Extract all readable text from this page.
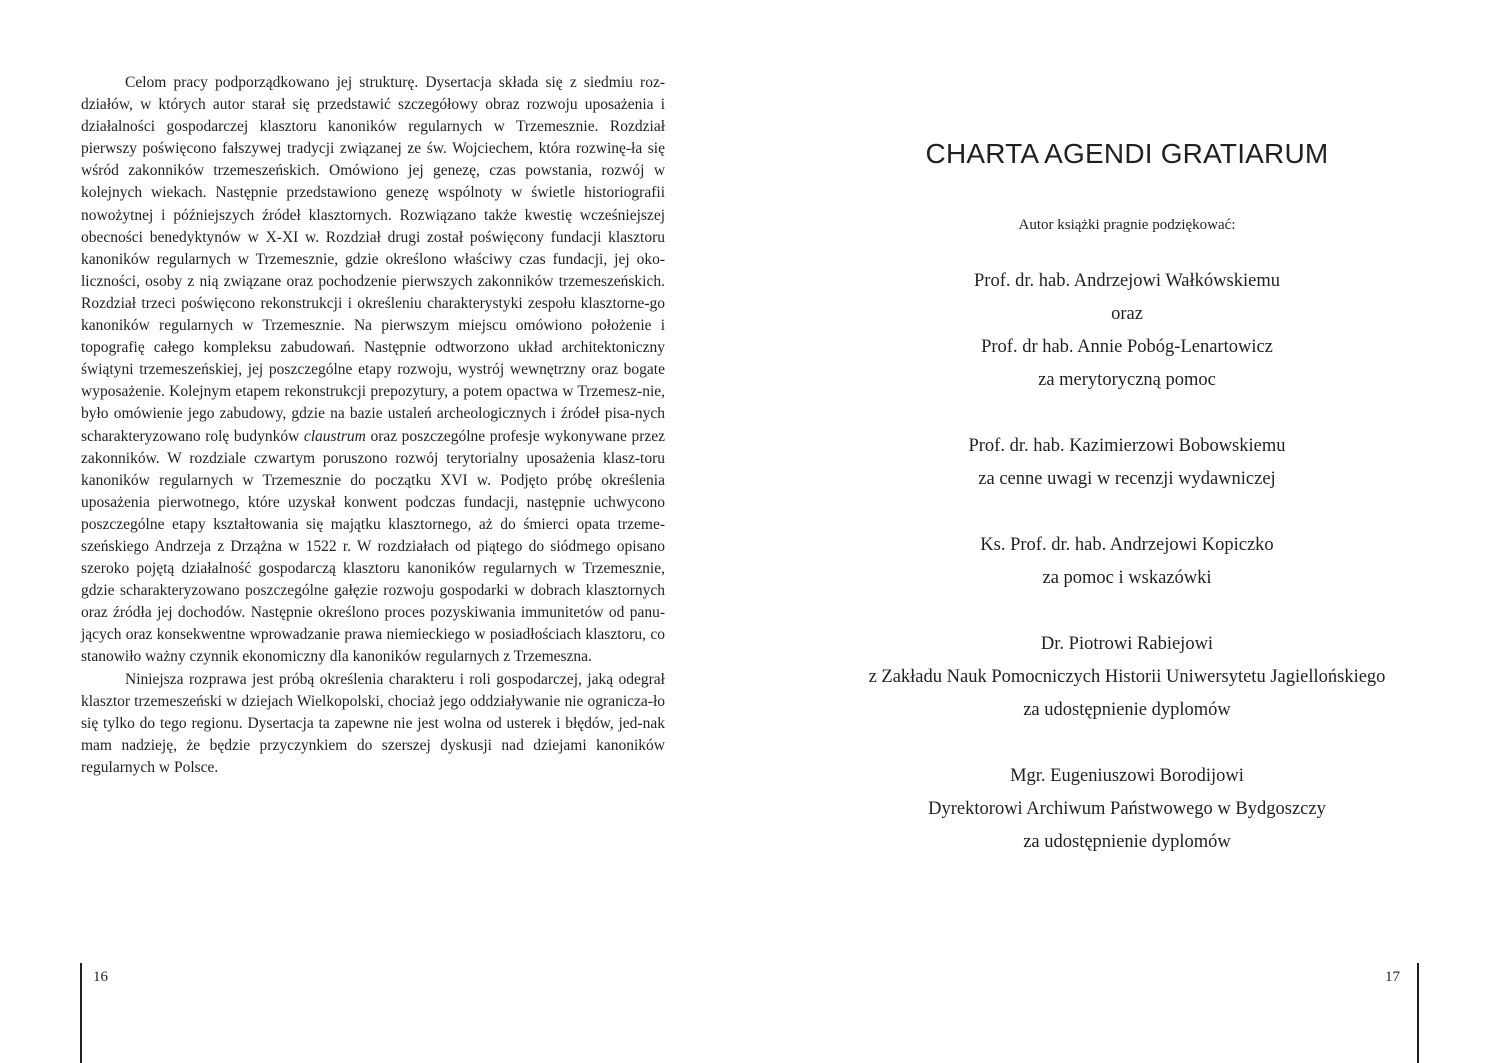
Celom pracy podporządkowano jej strukturę. Dysertacja składa się z siedmiu roz-działów, w których autor starał się przedstawić szczegółowy obraz rozwoju uposażenia i działalności gospodarczej klasztoru kanoników regularnych w Trzemesznie. Rozdział pierwszy poświęcono fałszywej tradycji związanej ze św. Wojciechem, która rozwinę-ła się wśród zakonników trzemeszeńskich. Omówiono jej genezę, czas powstania, rozwój w kolejnych wiekach. Następnie przedstawiono genezę wspólnoty w świetle historiografii nowożytnej i późniejszych źródeł klasztornych. Rozwiązano także kwestię wcześniejszej obecności benedyktynów w X-XI w. Rozdział drugi został poświęcony fundacji klasztoru kanoników regularnych w Trzemesznie, gdzie określono właściwy czas fundacji, jej oko-liczności, osoby z nią związane oraz pochodzenie pierwszych zakonników trzemeszeńskich. Rozdział trzeci poświęcono rekonstrukcji i określeniu charakterystyki zespołu klasztorne-go kanoników regularnych w Trzemesznie. Na pierwszym miejscu omówiono położenie i topografię całego kompleksu zabudowań. Następnie odtworzono układ architektoniczny świątyni trzemeszeńskiej, jej poszczególne etapy rozwoju, wystrój wewnętrzny oraz bogate wyposażenie. Kolejnym etapem rekonstrukcji prepozytury, a potem opactwa w Trzemesz-nie, było omówienie jego zabudowy, gdzie na bazie ustaleń archeologicznych i źródeł pisa-nych scharakteryzowano rolę budynków claustrum oraz poszczególne profesje wykonywane przez zakonników. W rozdziale czwartym poruszono rozwój terytorialny uposażenia klasz-toru kanoników regularnych w Trzemesznie do początku XVI w. Podjęto próbę określenia uposażenia pierwotnego, które uzyskał konwent podczas fundacji, następnie uchwycono poszczególne etapy kształtowania się majątku klasztornego, aż do śmierci opata trzeme-szeńskiego Andrzeja z Drzążna w 1522 r. W rozdziałach od piątego do siódmego opisano szeroko pojętą działalność gospodarczą klasztoru kanoników regularnych w Trzemesznie, gdzie scharakteryzowano poszczególne gałęzie rozwoju gospodarki w dobrach klasztornych oraz źródła jej dochodów. Następnie określono proces pozyskiwania immunitetów od panu-jących oraz konsekwentne wprowadzanie prawa niemieckiego w posiadłościach klasztoru, co stanowiło ważny czynnik ekonomiczny dla kanoników regularnych z Trzemeszna.

Niniejsza rozprawa jest próbą określenia charakteru i roli gospodarczej, jaką odegrał klasztor trzemeszeński w dziejach Wielkopolski, chociaż jego oddziaływanie nie ogranicza-ło się tylko do tego regionu. Dysertacja ta zapewne nie jest wolna od usterek i błędów, jed-nak mam nadzieję, że będzie przyczynkiem do szerszej dyskusji nad dziejami kanoników regularnych w Polsce.

16
CHARTA AGENDI GRATIARUM
Autor książki pragnie podziękować:
Prof. dr. hab. Andrzejowi Wałkówskiemu
oraz
Prof. dr hab. Annie Pobóg-Lenartowicz
za merytoryczną pomoc
Prof. dr. hab. Kazimierzowi Bobowskiemu
za cenne uwagi w recenzji wydawniczej
Ks. Prof. dr. hab. Andrzejowi Kopiczko
za pomoc i wskazówki
Dr. Piotrowi Rabiejowi
z Zakładu Nauk Pomocniczych Historii Uniwersytetu Jagiellońskiego
za udostępnienie dyplomów
Mgr. Eugeniuszowi Borodijowi
Dyrektorowi Archiwum Państwowego w Bydgoszczy
za udostępnienie dyplomów
17
